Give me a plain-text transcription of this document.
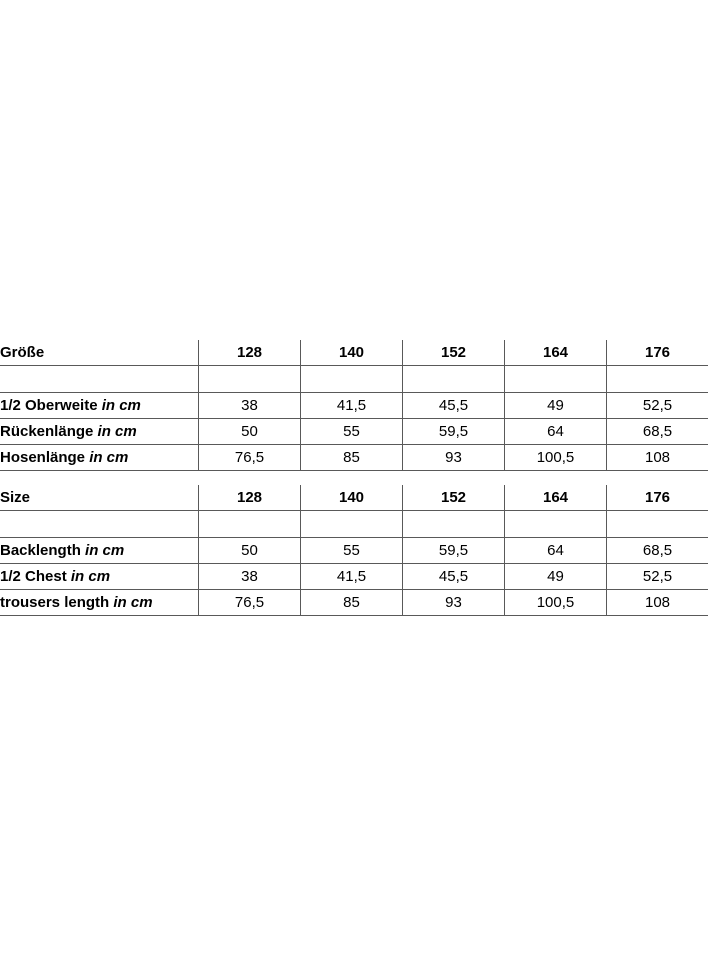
Größe	128	140	152	164	176

1/2 Oberweite in cm	38	41,5	45,5	49	52,5
Rückenlänge in cm	50	55	59,5	64	68,5
Hosenlänge in cm	76,5	85	93	100,5	108
Size	128	140	152	164	176

Backlength in cm	50	55	59,5	64	68,5
1/2 Chest in cm	38	41,5	45,5	49	52,5
trousers length in cm	76,5	85	93	100,5	108
